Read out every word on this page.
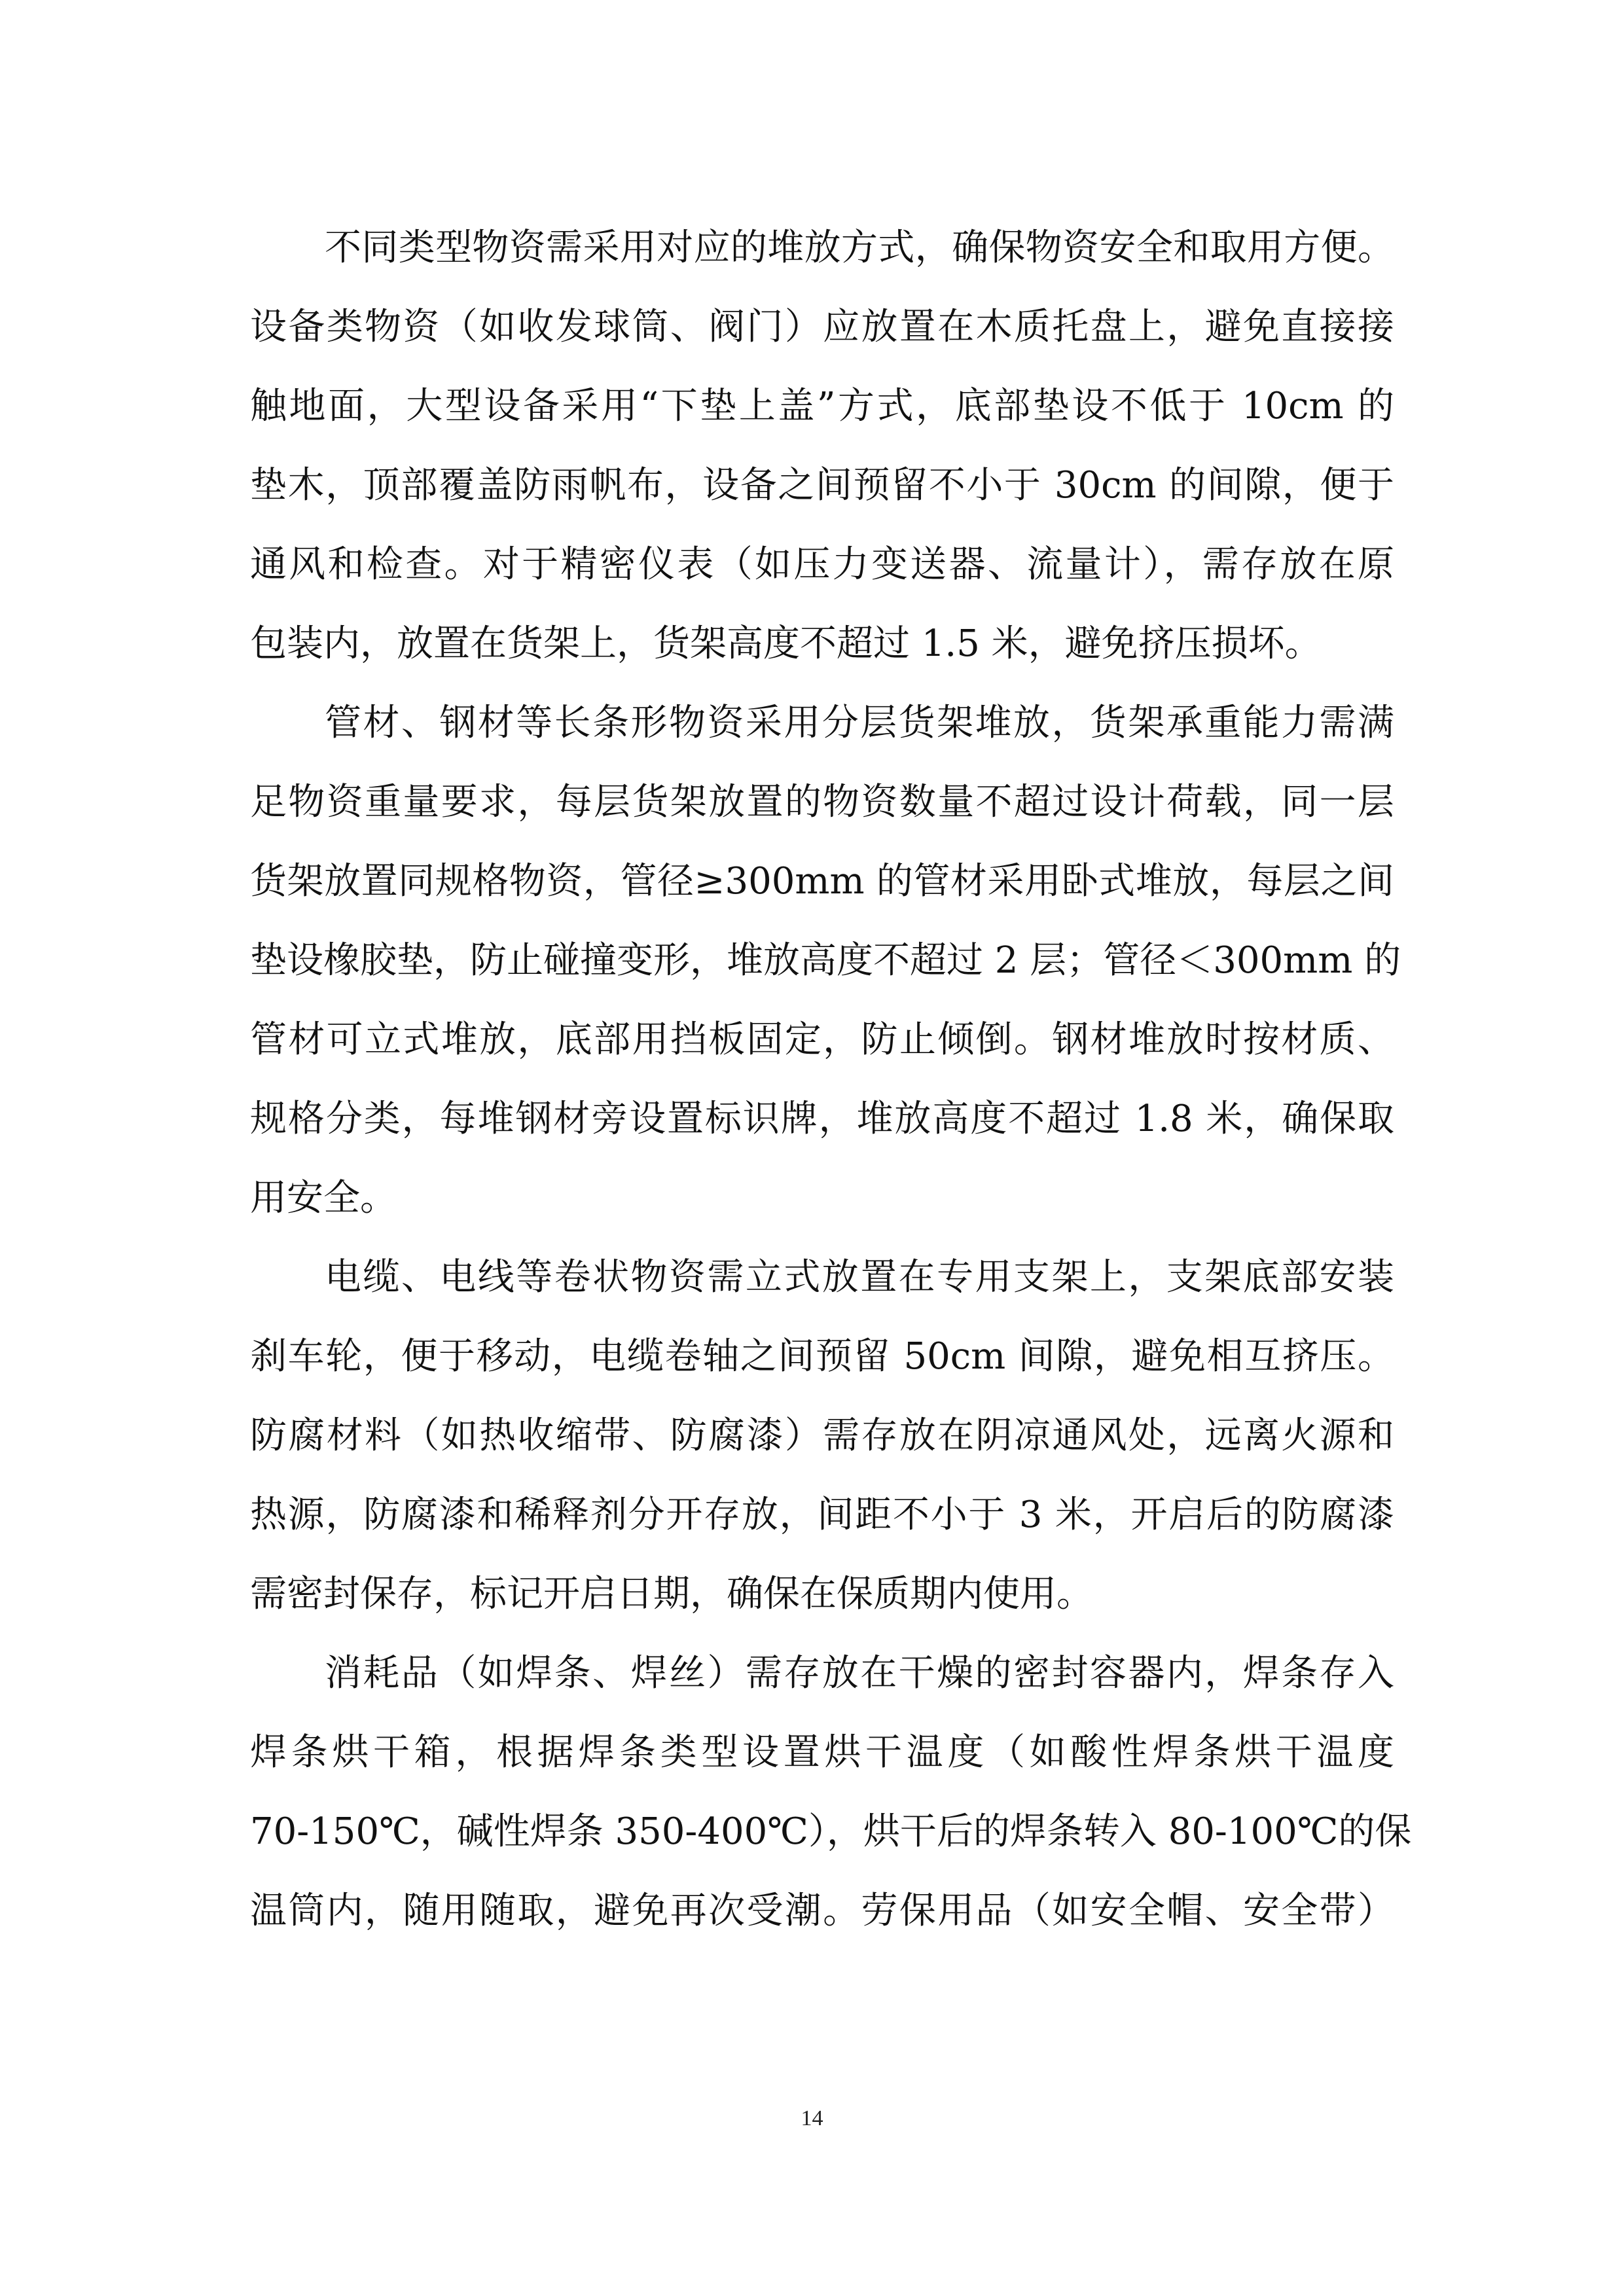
不同类型物资需采用对应的堆放方式，确保物资安全和取用方便。
设备类物资（如收发球筒、阀门）应放置在木质托盘上，避免直接接
触地面，大型设备采用“下垫上盖”方式，底部垫设不低于 10cm 的
垫木，顶部覆盖防雨帆布，设备之间预留不小于 30cm 的间隙，便于
通风和检查。对于精密仪表（如压力变送器、流量计），需存放在原
包装内，放置在货架上，货架高度不超过 1.5 米，避免挤压损坏。
管材、钢材等长条形物资采用分层货架堆放，货架承重能力需满
足物资重量要求，每层货架放置的物资数量不超过设计荷载，同一层
货架放置同规格物资，管径≥300mm 的管材采用卧式堆放，每层之间
垫设橡胶垫，防止碰撞变形，堆放高度不超过 2 层；管径＜300mm 的
管材可立式堆放，底部用挡板固定，防止倾倒。钢材堆放时按材质、
规格分类，每堆钢材旁设置标识牌，堆放高度不超过 1.8 米，确保取
用安全。
电缆、电线等卷状物资需立式放置在专用支架上，支架底部安装
刹车轮，便于移动，电缆卷轴之间预留 50cm 间隙，避免相互挤压。
防腐材料（如热收缩带、防腐漆）需存放在阴凉通风处，远离火源和
热源，防腐漆和稀释剂分开存放，间距不小于 3 米，开启后的防腐漆
需密封保存，标记开启日期，确保在保质期内使用。
消耗品（如焊条、焊丝）需存放在干燥的密封容器内，焊条存入
焊条烘干箱，根据焊条类型设置烘干温度（如酸性焊条烘干温度
70-150℃，碱性焊条 350-400℃），烘干后的焊条转入 80-100℃的保
温筒内，随用随取，避免再次受潮。劳保用品（如安全帽、安全带）
14
